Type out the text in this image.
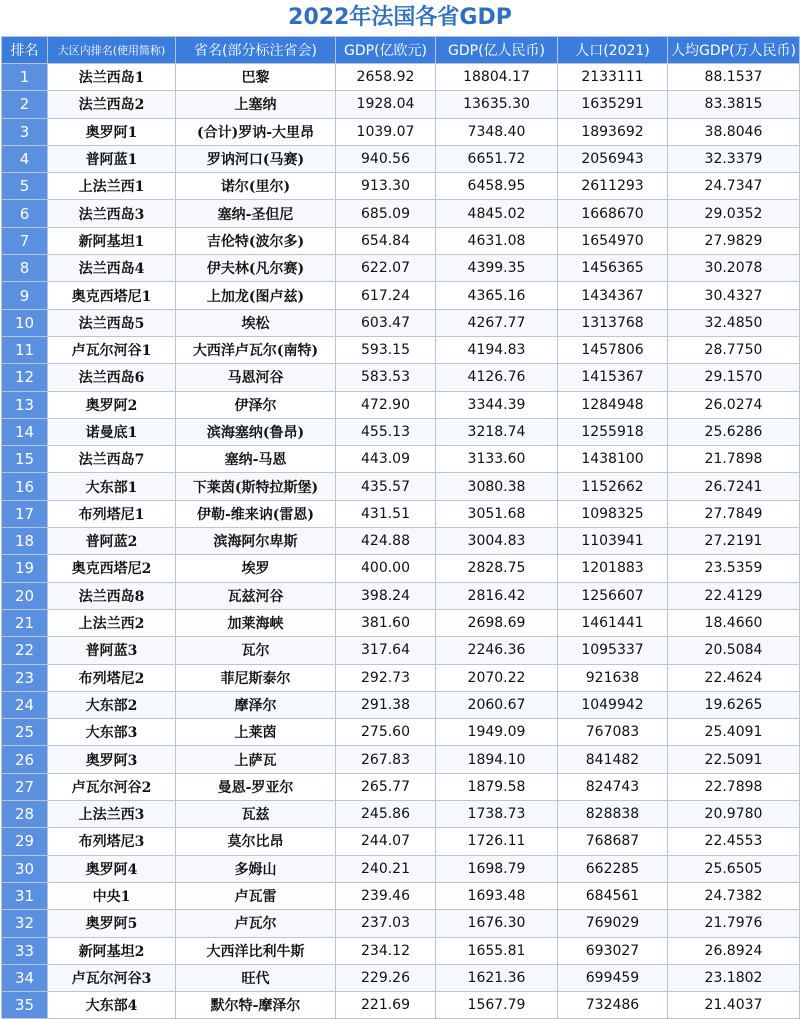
2022年法国各省GDP
排名	大区内排名(使用简称)	省名(部分标注省会)	GDP(亿欧元)	GDP(亿人民币)	人口(2021)	人均GDP(万人民币)
1	法兰西岛1	巴黎	2658.92	18804.17	2133111	88.1537
2	法兰西岛2	上塞纳	1928.04	13635.30	1635291	83.3815
3	奥罗阿1	(合计)罗讷-大里昂	1039.07	7348.40	1893692	38.8046
4	普阿蓝1	罗讷河口(马赛)	940.56	6651.72	2056943	32.3379
5	上法兰西1	诺尔(里尔)	913.30	6458.95	2611293	24.7347
6	法兰西岛3	塞纳-圣但尼	685.09	4845.02	1668670	29.0352
7	新阿基坦1	吉伦特(波尔多)	654.84	4631.08	1654970	27.9829
8	法兰西岛4	伊夫林(凡尔赛)	622.07	4399.35	1456365	30.2078
9	奥克西塔尼1	上加龙(图卢兹)	617.24	4365.16	1434367	30.4327
10	法兰西岛5	埃松	603.47	4267.77	1313768	32.4850
11	卢瓦尔河谷1	大西洋卢瓦尔(南特)	593.15	4194.83	1457806	28.7750
12	法兰西岛6	马恩河谷	583.53	4126.76	1415367	29.1570
13	奥罗阿2	伊泽尔	472.90	3344.39	1284948	26.0274
14	诺曼底1	滨海塞纳(鲁昂)	455.13	3218.74	1255918	25.6286
15	法兰西岛7	塞纳-马恩	443.09	3133.60	1438100	21.7898
16	大东部1	下莱茵(斯特拉斯堡)	435.57	3080.38	1152662	26.7241
17	布列塔尼1	伊勒-维来讷(雷恩)	431.51	3051.68	1098325	27.7849
18	普阿蓝2	滨海阿尔卑斯	424.88	3004.83	1103941	27.2191
19	奥克西塔尼2	埃罗	400.00	2828.75	1201883	23.5359
20	法兰西岛8	瓦兹河谷	398.24	2816.42	1256607	22.4129
21	上法兰西2	加莱海峡	381.60	2698.69	1461441	18.4660
22	普阿蓝3	瓦尔	317.64	2246.36	1095337	20.5084
23	布列塔尼2	菲尼斯泰尔	292.73	2070.22	921638	22.4624
24	大东部2	摩泽尔	291.38	2060.67	1049942	19.6265
25	大东部3	上莱茵	275.60	1949.09	767083	25.4091
26	奥罗阿3	上萨瓦	267.83	1894.10	841482	22.5091
27	卢瓦尔河谷2	曼恩-罗亚尔	265.77	1879.58	824743	22.7898
28	上法兰西3	瓦兹	245.86	1738.73	828838	20.9780
29	布列塔尼3	莫尔比昂	244.07	1726.11	768687	22.4553
30	奥罗阿4	多姆山	240.21	1698.79	662285	25.6505
31	中央1	卢瓦雷	239.46	1693.48	684561	24.7382
32	奥罗阿5	卢瓦尔	237.03	1676.30	769029	21.7976
33	新阿基坦2	大西洋比利牛斯	234.12	1655.81	693027	26.8924
34	卢瓦尔河谷3	旺代	229.26	1621.36	699459	23.1802
35	大东部4	默尔特-摩泽尔	221.69	1567.79	732486	21.4037
